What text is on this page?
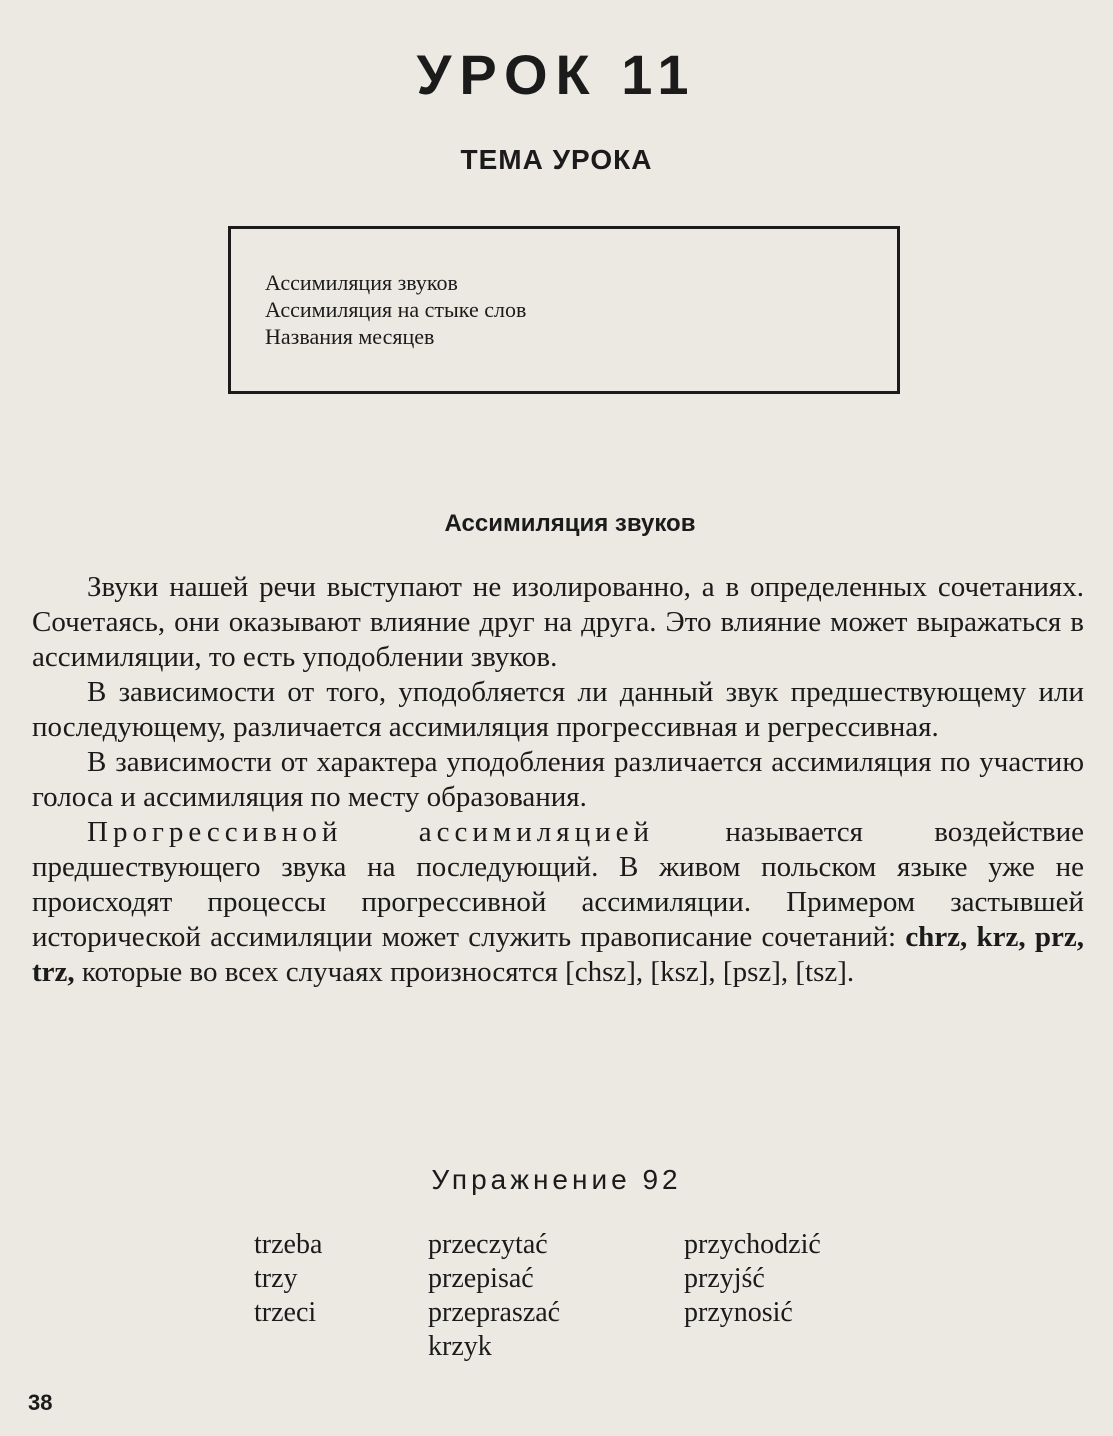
УРОК 11
ТЕМА УРОКА
Ассимиляция звуков
Ассимиляция на стыке слов
Названия месяцев
Ассимиляция звуков

Звуки нашей речи выступают не изолированно, а в определенных сочетаниях. Сочетаясь, они оказывают влияние друг на друга. Это влияние может выражаться в ассимиляции, то есть уподоблении звуков.

В зависимости от того, уподобляется ли данный звук предшествующему или последующему, различается ассимиляция прогрессивная и регрессивная.

В зависимости от характера уподобления различается ассимиляция по участию голоса и ассимиляция по месту образования.

Прогрессивной ассимиляцией называется воздействие предшествующего звука на последующий. В живом польском языке уже не происходят процессы прогрессивной ассимиляции. Примером застывшей исторической ассимиляции может служить правописание сочетаний: chrz, krz, prz, trz, которые во всех случаях произносятся [chsz], [ksz], [psz], [tsz].

Упражнение 92
trzeba
trzy
trzeci
przeczytać
przepisać
przepraszać
krzyk
przychodzić
przyjść
przynosić
38
